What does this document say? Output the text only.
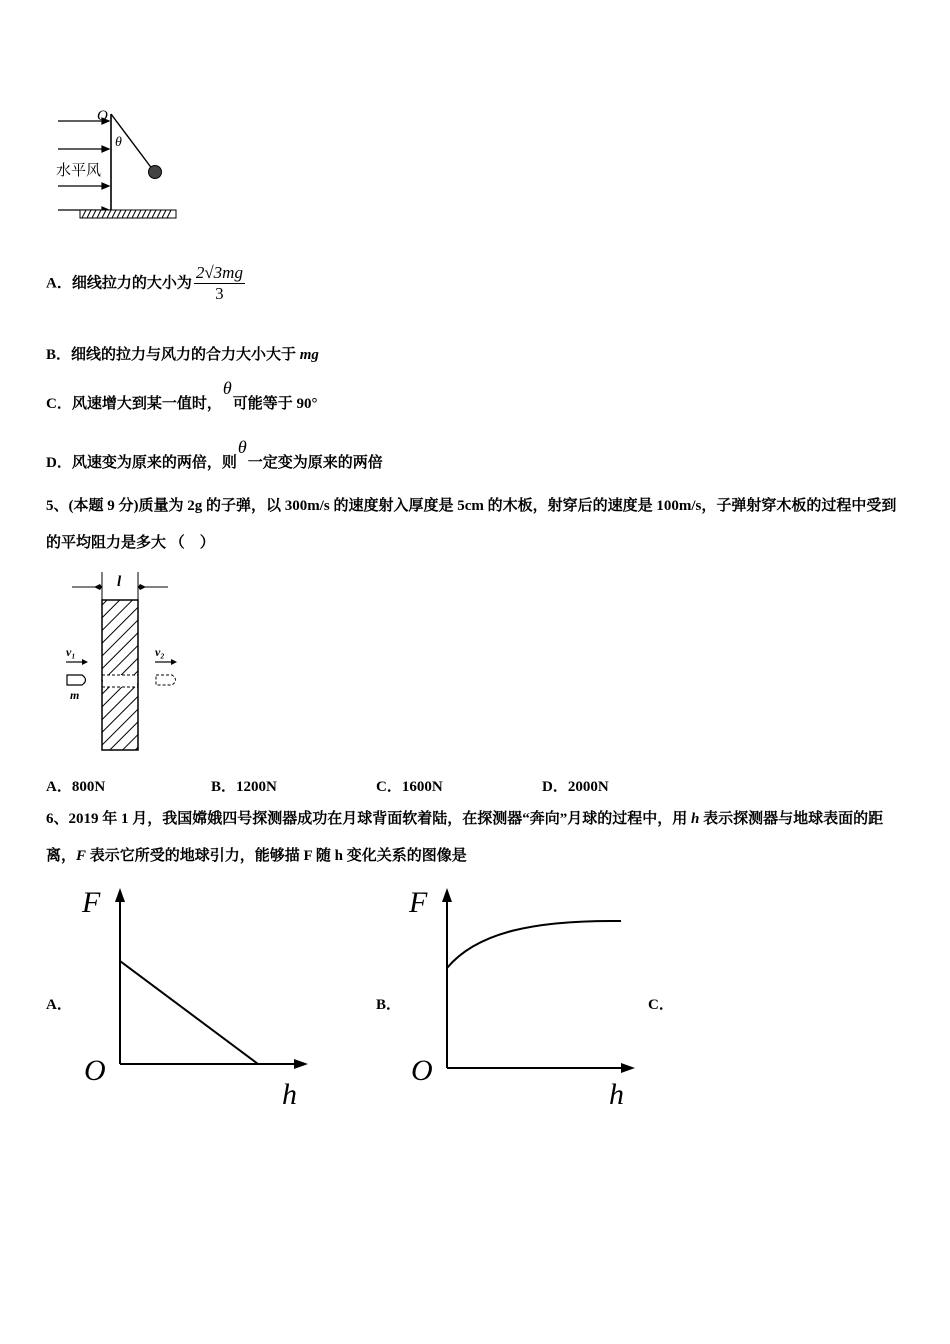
O
θ
水平风
A．细线拉力的大小为 $\frac{2√3mg}{3}$
B．细线的拉力与风力的合力大小大于 mg
C．风速增大到某一值时，θ可能等于 90°
D．风速变为原来的两倍，则θ一定变为原来的两倍
5、(本题 9 分)质量为 2g 的子弹，以 300m/s 的速度射入厚度是 5cm 的木板，射穿后的速度是 100m/s，子弹射穿木板的过程中受到的平均阻力是多大 （　）
l
v₁
m
v₂
A．800N	B．1200N	C．1600N	D．2000N
6、2019 年 1 月，我国嫦娥四号探测器成功在月球背面软着陆，在探测器“奔向”月球的过程中，用 h 表示探测器与地球表面的距离，F 表示它所受的地球引力，能够描 F 随 h 变化关系的图像是
A．	B．	C．
F
O
h
F
O
h
